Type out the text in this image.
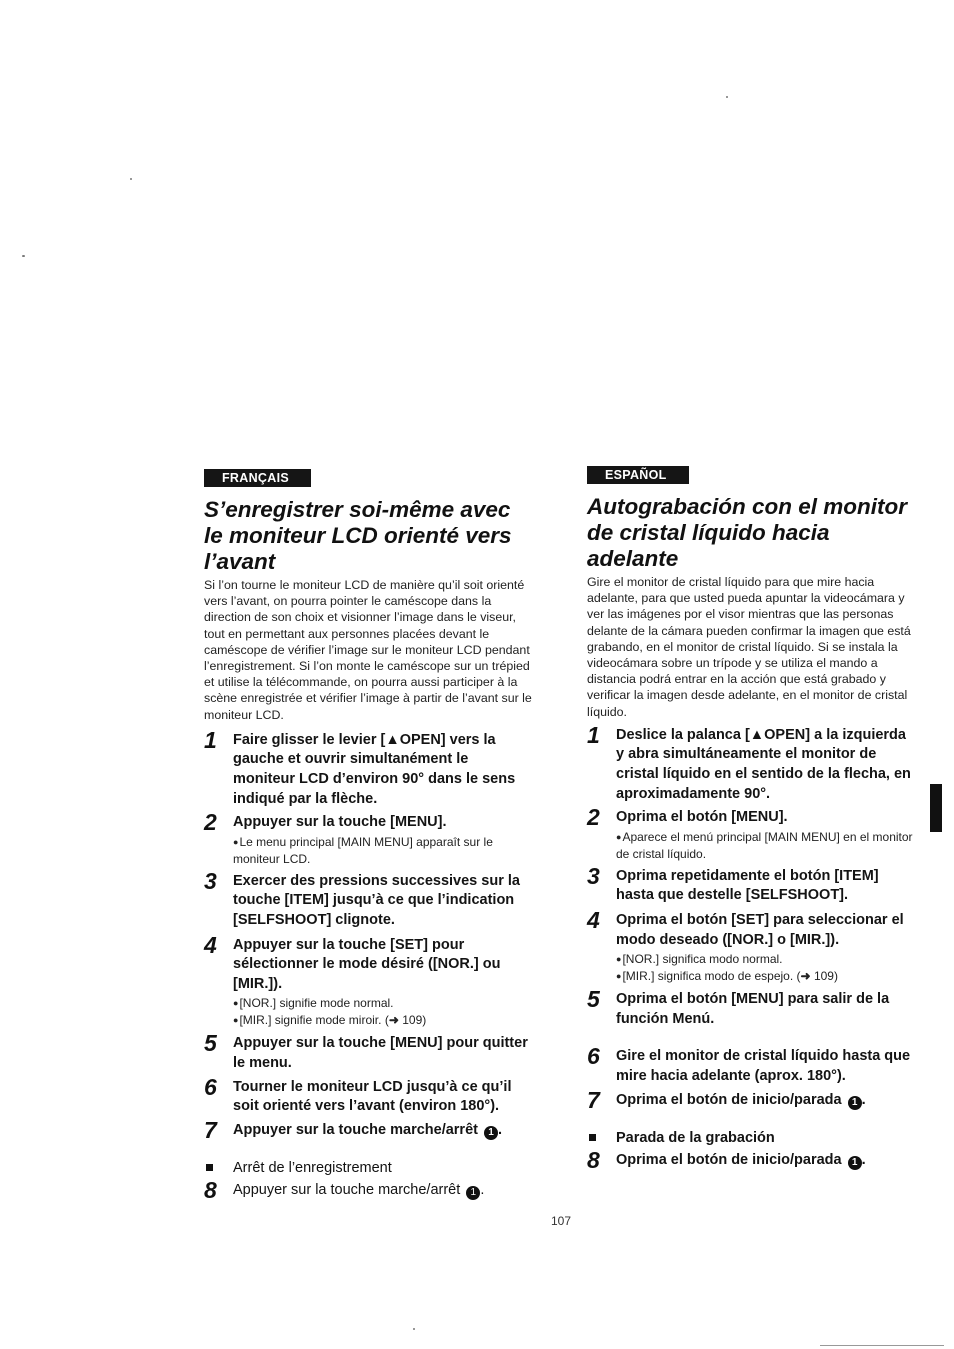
FRANÇAIS
S’enregistrer soi-même avec le moniteur LCD orienté vers l’avant

Si l’on tourne le moniteur LCD de manière qu’il soit orienté vers l’avant, on pourra pointer le caméscope dans la direction de son choix et visionner l’image dans le viseur, tout en permettant aux personnes placées devant le caméscope de vérifier l’image sur le moniteur LCD pendant l’enregistrement. Si l’on monte le caméscope sur un trépied et utilise la télécommande, on pourra aussi participer à la scène enregistrée et vérifier l’image à partir de l’avant sur le moniteur LCD.

1 Faire glisser le levier [▲OPEN] vers la gauche et ouvrir simultanément le moniteur LCD d’environ 90° dans le sens indiqué par la flèche.

2 Appuyer sur la touche [MENU].

●Le menu principal [MAIN MENU] apparaît sur le moniteur LCD.

3 Exercer des pressions successives sur la touche [ITEM] jusqu’à ce que l’indication [SELFSHOOT] clignote.

4 Appuyer sur la touche [SET] pour sélectionner le mode désiré ([NOR.] ou [MIR.]).

●[NOR.] signifie mode normal.

●[MIR.] signifie mode miroir. (➜ 109)

5 Appuyer sur la touche [MENU] pour quitter le menu.

6 Tourner le moniteur LCD jusqu’à ce qu’il soit orienté vers l’avant (environ 180°).

7 Appuyer sur la touche marche/arrêt 1 .

Arrêt de l’enregistrement

8 Appuyer sur la touche marche/arrêt 1 .

ESPAÑOL
Autograbación con el monitor de cristal líquido hacia adelante

Gire el monitor de cristal líquido para que mire hacia adelante, para que usted pueda apuntar la videocámara y ver las imágenes por el visor mientras que las personas delante de la cámara pueden confirmar la imagen que está grabando, en el monitor de cristal líquido. Si se instala la videocámara sobre un trípode y se utiliza el mando a distancia podrá entrar en la acción que está grabado y verificar la imagen desde adelante, en el monitor de cristal líquido.

1 Deslice la palanca [▲OPEN] a la izquierda y abra simultáneamente el monitor de cristal líquido en el sentido de la flecha, en aproximadamente 90°.

2 Oprima el botón [MENU].

●Aparece el menú principal [MAIN MENU] en el monitor de cristal líquido.

3 Oprima repetidamente el botón [ITEM] hasta que destelle [SELFSHOOT].

4 Oprima el botón [SET] para seleccionar el modo deseado ([NOR.] o [MIR.]).

●[NOR.] significa modo normal.

●[MIR.] significa modo de espejo. (➜ 109)

5 Oprima el botón [MENU] para salir de la función Menú.

6 Gire el monitor de cristal líquido hasta que mire hacia adelante (aprox. 180°).

7 Oprima el botón de inicio/parada 1 .

Parada de la grabación

8 Oprima el botón de inicio/parada 1 .

107
